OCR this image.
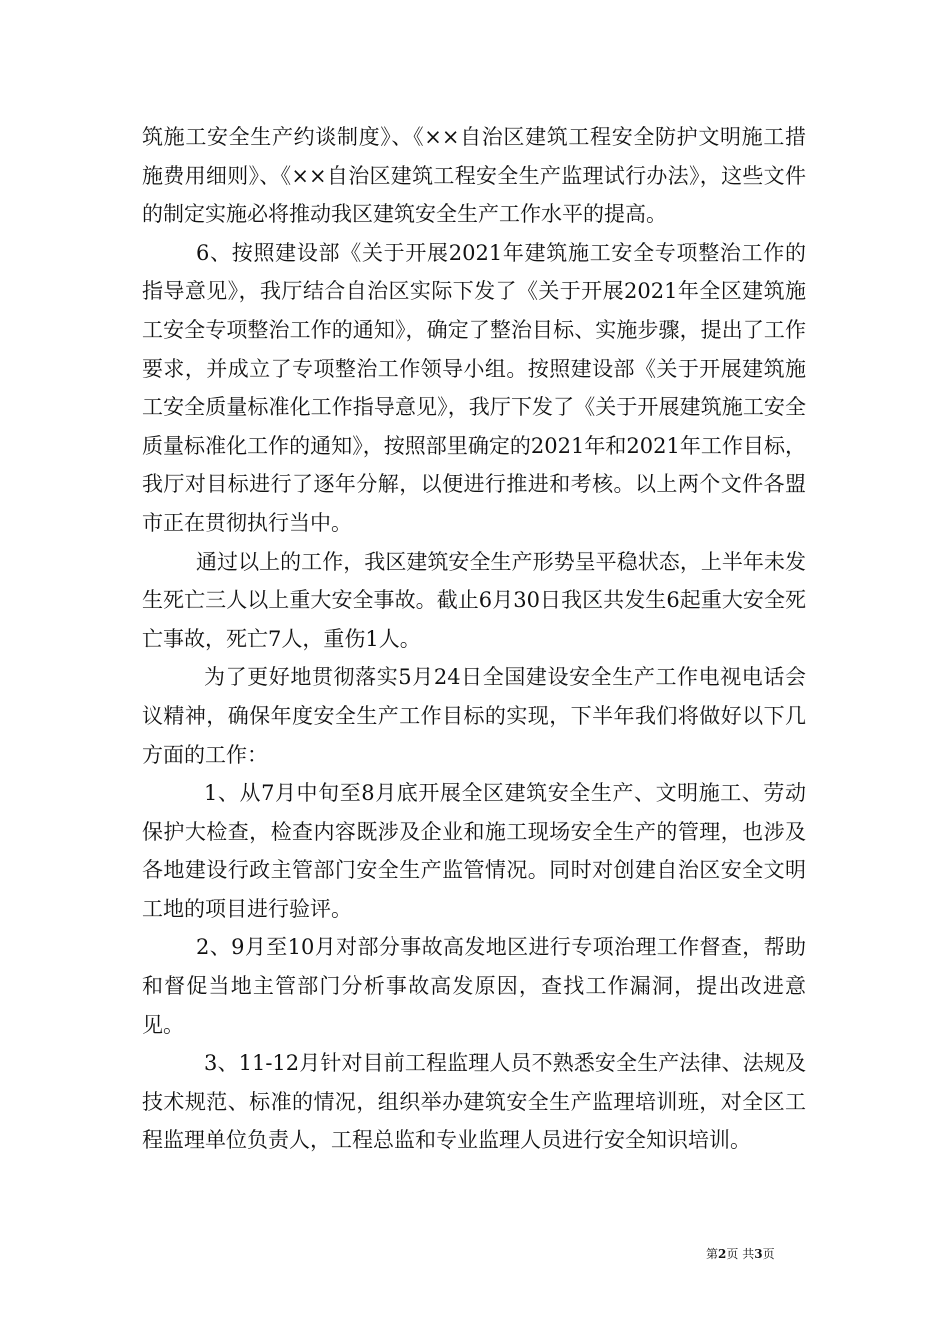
筑施工安全生产约谈制度》、《××自治区建筑工程安全防护文明施工措施费用细则》、《××自治区建筑工程安全生产监理试行办法》，这些文件的制定实施必将推动我区建筑安全生产工作水平的提高。

6、按照建设部《关于开展2021年建筑施工安全专项整治工作的指导意见》，我厅结合自治区实际下发了《关于开展2021年全区建筑施工安全专项整治工作的通知》，确定了整治目标、实施步骤，提出了工作要求，并成立了专项整治工作领导小组。按照建设部《关于开展建筑施工安全质量标准化工作指导意见》，我厅下发了《关于开展建筑施工安全质量标准化工作的通知》，按照部里确定的2021年和2021年工作目标，我厅对目标进行了逐年分解，以便进行推进和考核。以上两个文件各盟市正在贯彻执行当中。

通过以上的工作，我区建筑安全生产形势呈平稳状态，上半年未发生死亡三人以上重大安全事故。截止6月30日我区共发生6起重大安全死亡事故，死亡7人，重伤1人。

为了更好地贯彻落实5月24日全国建设安全生产工作电视电话会议精神，确保年度安全生产工作目标的实现，下半年我们将做好以下几方面的工作：

1、从7月中旬至8月底开展全区建筑安全生产、文明施工、劳动保护大检查，检查内容既涉及企业和施工现场安全生产的管理，也涉及各地建设行政主管部门安全生产监管情况。同时对创建自治区安全文明工地的项目进行验评。

2、9月至10月对部分事故高发地区进行专项治理工作督查，帮助和督促当地主管部门分析事故高发原因，查找工作漏洞，提出改进意见。

3、11-12月针对目前工程监理人员不熟悉安全生产法律、法规及技术规范、标准的情况，组织举办建筑安全生产监理培训班，对全区工程监理单位负责人，工程总监和专业监理人员进行安全知识培训。

第2页 共3页
